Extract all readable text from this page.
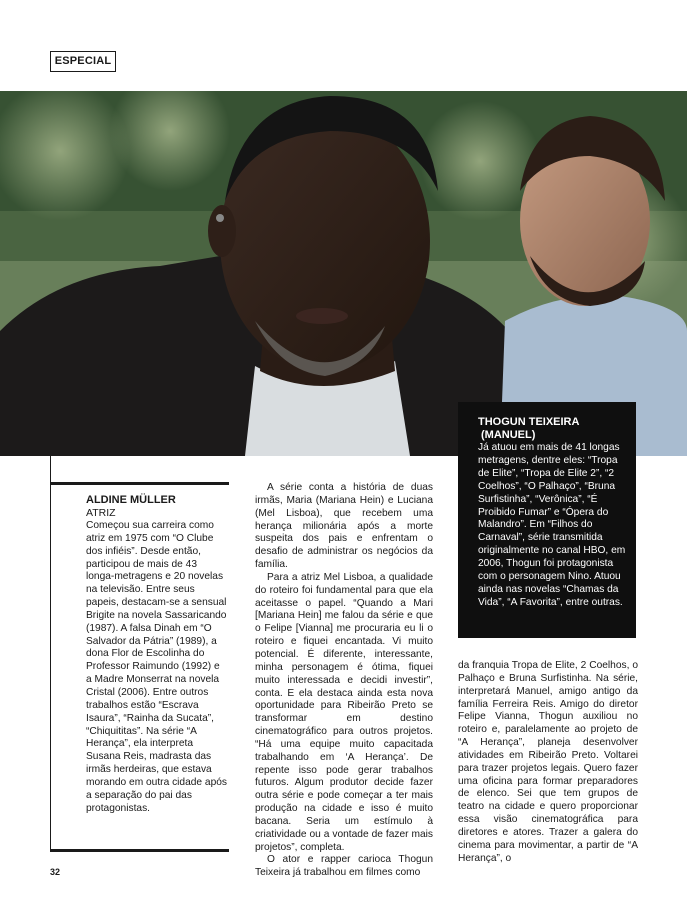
ESPECIAL
THOGUN TEIXEIRA
(MANUEL)
Já atuou em mais de 41 longas metragens, dentre eles: “Tropa de Elite”, “Tropa de Elite 2”, “2 Coelhos”, “O Palhaço”, “Bruna Surfistinha”, “Verônica”, “É Proibido Fumar” e “Ópera do Malandro”. Em “Filhos do Carnaval”, série transmitida originalmente no canal HBO, em 2006, Thogun foi protagonista com o personagem Nino. Atuou ainda nas novelas “Chamas da Vida”, “A Favorita”, entre outras.
ALDINE MÜLLER
ATRIZ
Começou sua carreira como atriz em 1975 com “O Clube dos infiéis”. Desde então, participou de mais de 43 longa-metragens e 20 novelas na televisão. Entre seus papeis, destacam-se a sensual Brigite na novela Sassaricando (1987). A falsa Dinah em “O Salvador da Pátria” (1989), a dona Flor de Escolinha do Professor Raimundo (1992) e a Madre Monserrat na novela Cristal (2006). Entre outros trabalhos estão “Escrava Isaura”, “Rainha da Sucata”, “Chiquititas”. Na série “A Herança”, ela interpreta Susana Reis, madrasta das irmãs herdeiras, que estava morando em outra cidade após a separação do pai das protagonistas.

A série conta a história de duas irmãs, Maria (Mariana Hein) e Luciana (Mel Lisboa), que recebem uma herança milionária após a morte suspeita dos pais e enfrentam o desafio de administrar os negócios da família.

Para a atriz Mel Lisboa, a qualidade do roteiro foi fundamental para que ela aceitasse o papel. “Quando a Mari [Mariana Hein] me falou da série e que o Felipe [Vianna] me procuraria eu li o roteiro e fiquei encantada. Vi muito potencial. É diferente, interessante, minha personagem é ótima, fiquei muito interessada e decidi investir”, conta. E ela destaca ainda esta nova oportunidade para Ribeirão Preto se transformar em destino cinematográfico para outros projetos. “Há uma equipe muito capacitada trabalhando em ‘A Herança’. De repente isso pode gerar trabalhos futuros. Algum produtor decide fazer outra série e pode começar a ter mais produção na cidade e isso é muito bacana. Seria um estímulo à criatividade ou a vontade de fazer mais projetos”, completa.

O ator e rapper carioca Thogun Teixeira já trabalhou em filmes como

da franquia Tropa de Elite, 2 Coelhos, o Palhaço e Bruna Surfistinha. Na série, interpretará Manuel, amigo antigo da família Ferreira Reis. Amigo do diretor Felipe Vianna, Thogun auxiliou no roteiro e, paralelamente ao projeto de “A Herança”, planeja desenvolver atividades em Ribeirão Preto. Voltarei para trazer projetos legais. Quero fazer uma oficina para formar preparadores de elenco. Sei que tem grupos de teatro na cidade e quero proporcionar essa visão cinematográfica para diretores e atores. Trazer a galera do cinema para movimentar, a partir de “A Herança”, o
32
